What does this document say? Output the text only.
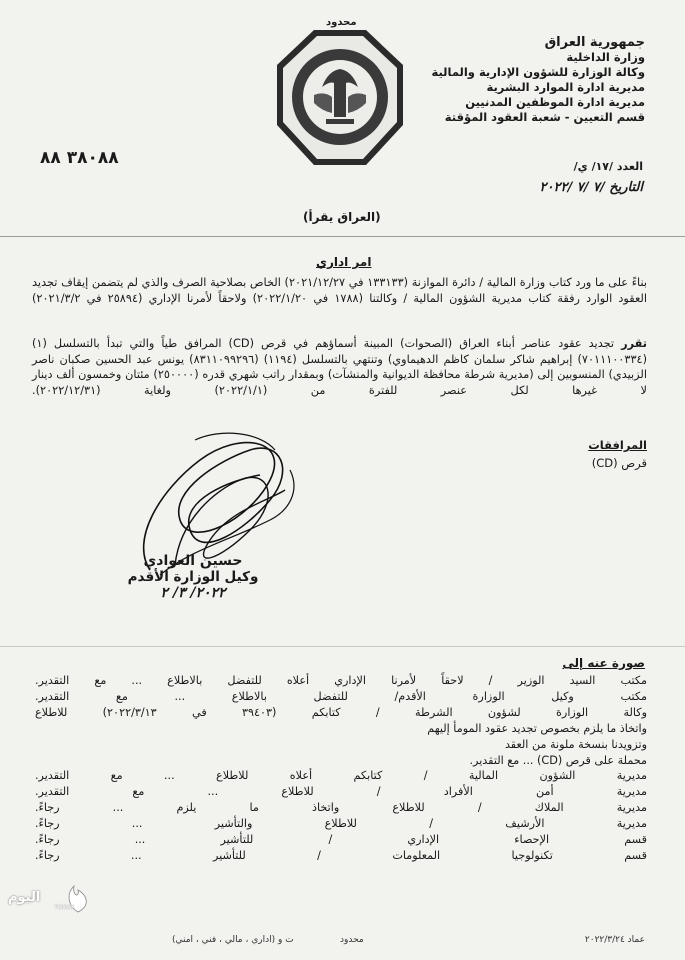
محدود
جمهورية العراق
وزارة الداخلية
وكالة الوزارة للشؤون الإدارية والمالية
مديرية ادارة الموارد البشرية
مديرية ادارة الموظفين المدنيين
قسم التعيين - شعبة العقود المؤقتة
٣٨٠٨٨ ٨٨	العدد /١٧/ ي/
التاريخ /٧ /٧ /٢٠٢٢
(العراق يقرأ)
امر اداري

بناءً على ما ورد كتاب وزارة المالية / دائرة الموازنة (١٣٣١٣٣ في ٢٠٢١/١٢/٢٧) الخاص بصلاحية الصرف والذي لم يتضمن إيقاف تجديد العقود الوارد رفقة كتاب مديرية الشؤون المالية / وكالتنا (١٧٨٨ في ٢٠٢٢/١/٢٠) ولاحقاً لأمرنا الإداري (٢٥٨٩٤ في ٢٠٢١/٣/٢)

تقرر تجديد عقود عناصر أبناء العراق (الصحوات) المبينة أسماؤهم في قرص (CD) المرافق طياً والتي تبدأ بالتسلسل (١) (٧٠١١١٠٠٣٣٤) إبراهيم شاكر سلمان كاظم الدهيماوي) وتنتهي بالتسلسل (١١٩٤) (٨٣١١٠٩٩٢٩٦) يونس عبد الحسين صكبان ناصر الزبيدي) المنسوبين إلى (مديرية شرطة محافظة الديوانية والمنشآت) وبمقدار راتب شهري قدره (٢٥٠٠٠٠) مئتان وخمسون ألف دينار لا غيرها لكل عنصر للفترة من (٢٠٢٢/١/١) ولغاية (٢٠٢٢/١٢/٣١).

المرافقات
قرص (CD)
حسين العوادي
وكيل الوزارة الأقدم
٢٠٢٢/ ٣/ ٢
صورة عنه إلى
مكتب السيد الوزير / لاحقاً لأمرنا الإداري أعلاه للتفضل بالاطلاع ... مع التقدير.
مكتب وكيل الوزارة الأقدم/ للتفضل بالاطلاع ... مع التقدير.
وكالة الوزارة لشؤون الشرطة / كتابكم (٣٩٤٠٣ في ٢٠٢٢/٣/١٣) للاطلاع
واتخاذ ما يلزم بخصوص تجديد عقود المومأ إليهم
وتزويدنا بنسخة ملونة من العقد
محملة على قرص (CD) ... مع التقدير.
مديرية الشؤون المالية / كتابكم أعلاه للاطلاع ... مع التقدير.
مديرية أمن الأفراد / للاطلاع ... مع التقدير.
مديرية الملاك / للاطلاع واتخاذ ما يلزم ... رجاءً.
مديرية الأرشيف / للاطلاع والتأشير ... رجاءً.
قسم الإحصاء الإداري / للتأشير ... رجاءً.
قسم تكنولوجيا المعلومات / للتأشير ... رجاءً.
اليوم
TODAY
عماد ٢٠٢٢/٣/٢٤
محدود
ت و (اداري ، مالي ، فني ، امني)
